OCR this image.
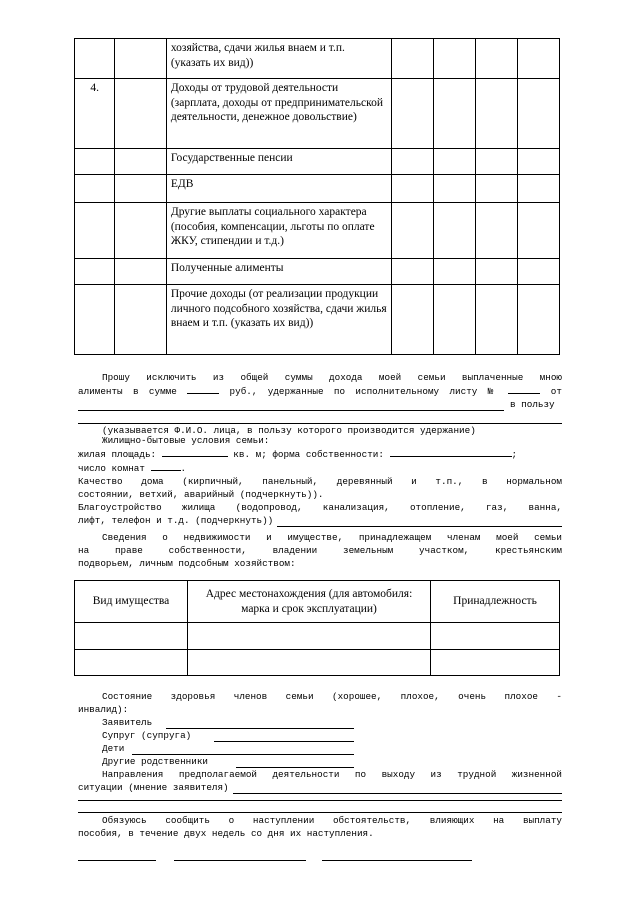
		хозяйства, сдачи жилья внаем и т.п. (указать их вид))				
4.		Доходы от трудовой деятельности (зарплата, доходы от предпринимательской деятельности, денежное довольствие)				
		Государственные пенсии				
		ЕДВ				
		Другие выплаты социального характера (пособия, компенсации, льготы по оплате ЖКУ, стипендии и т.д.)				
		Полученные алименты				
		Прочие доходы (от реализации продукции личного подсобного хозяйства, сдачи жилья внаем и т.п. (указать их вид))				
Прошу исключить из общей суммы дохода моей семьи выплаченные мною
алименты в сумме	руб., удержанные по исполнительному листу №	от
в пользу
(указывается Ф.И.О. лица, в пользу которого производится удержание)
Жилищно-бытовые условия семьи:
жилая площадь:	кв. м; форма собственности:	;
число комнат	.
Качество дома (кирпичный, панельный, деревянный и т.п., в нормальном
состоянии, ветхий, аварийный (подчеркнуть)).
Благоустройство жилища (водопровод, канализация, отопление, газ, ванна,
лифт, телефон и т.д. (подчеркнуть))
Сведения о недвижимости и имуществе, принадлежащем членам моей семьи
на праве собственности, владении земельным участком, крестьянским
подворьем, личным подсобным хозяйством:
Вид имущества	Адрес местонахождения (для автомобиля: марка и срок эксплуатации)	Принадлежность

Состояние здоровья членов семьи (хорошее, плохое, очень плохое -
инвалид):
Заявитель
Супруг (супруга)
Дети
Другие родственники
Направления предполагаемой деятельности по выходу из трудной жизненной
ситуации (мнение заявителя)
Обязуюсь сообщить о наступлении обстоятельств, влияющих на выплату
пособия, в течение двух недель со дня их наступления.
